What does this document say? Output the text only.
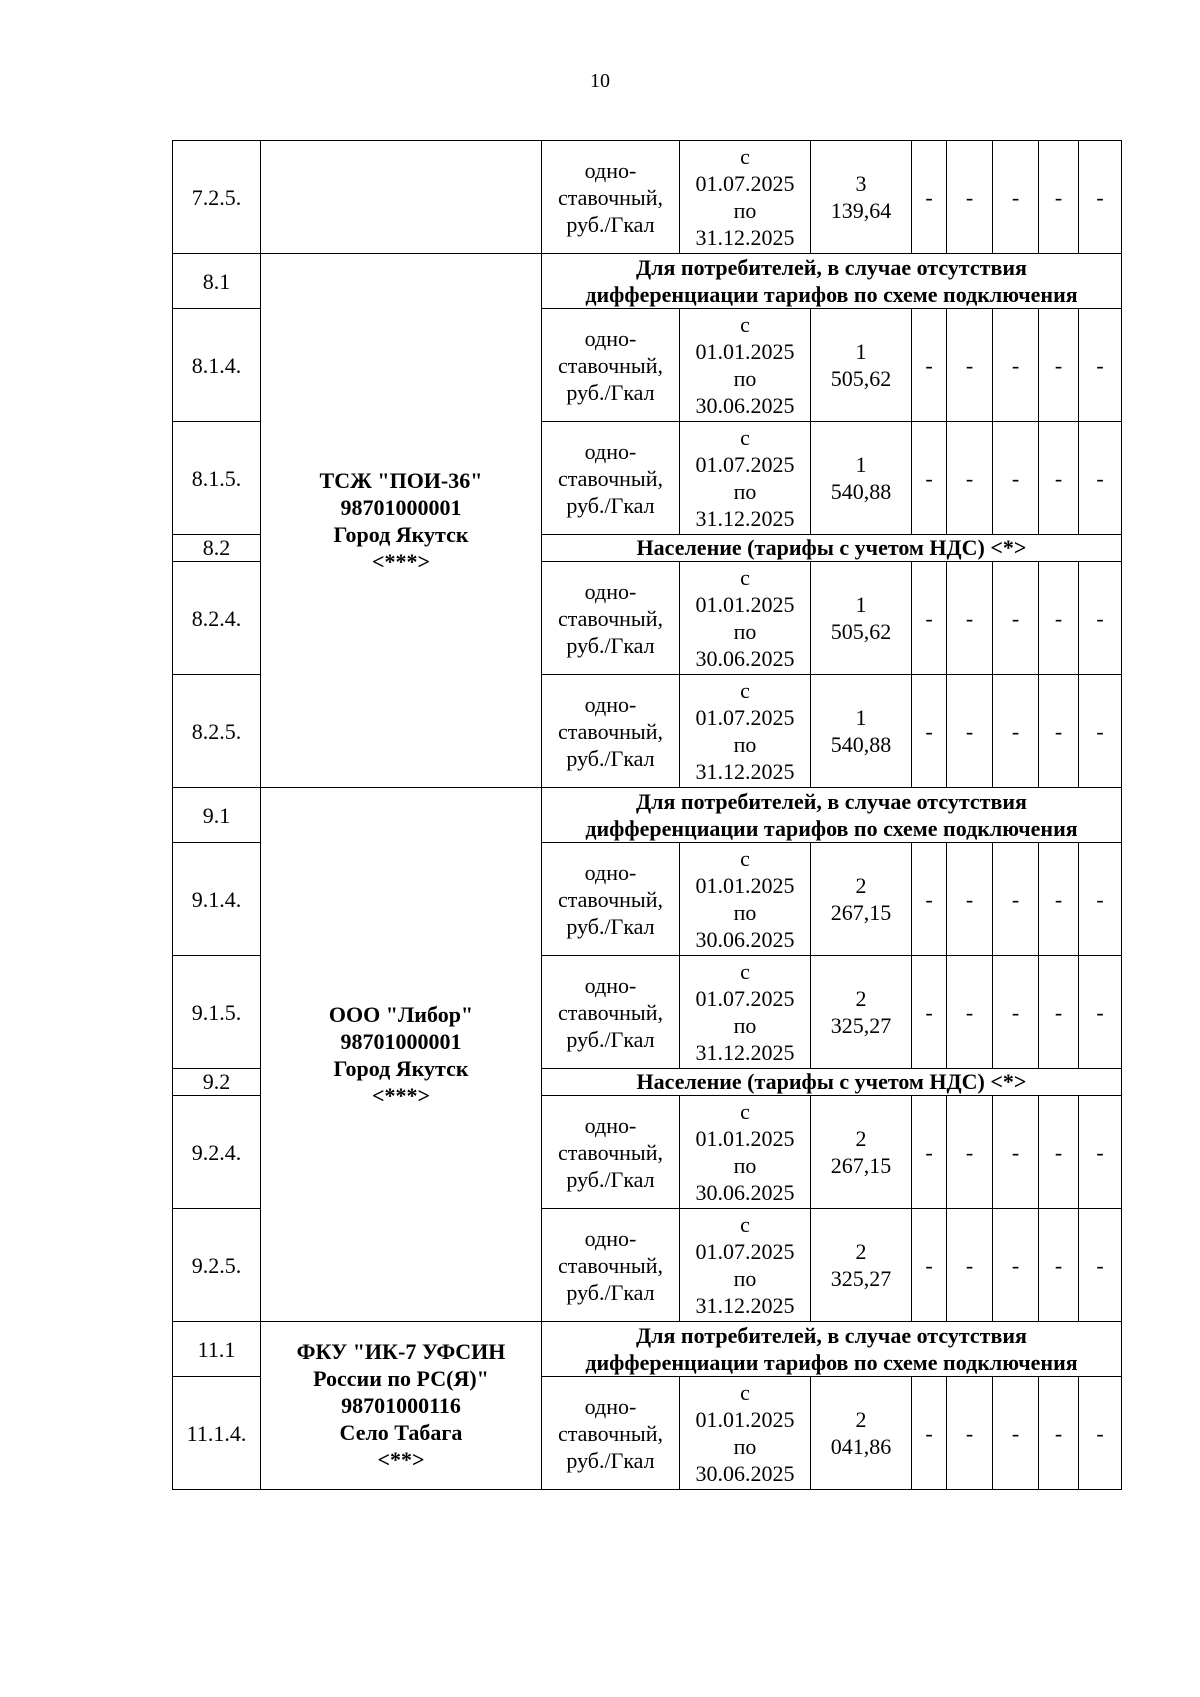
10
7.2.5.		одно-
ставочный,
руб./Гкал	с
01.07.2025
по
31.12.2025	3
139,64	-	-	-	-	-
8.1	ТСЖ "ПОИ-36"
98701000001
Город Якутск
<***>	Для потребителей, в случае отсутствия
дифференциации тарифов по схеме подключения							
8.1.4.		одно-
ставочный,
руб./Гкал	с
01.01.2025
по
30.06.2025	1
505,62	-	-	-	-	-
8.1.5.		одно-
ставочный,
руб./Гкал	с
01.07.2025
по
31.12.2025	1
540,88	-	-	-	-	-
8.2		Население (тарифы с учетом НДС) <*>							
8.2.4.		одно-
ставочный,
руб./Гкал	с
01.01.2025
по
30.06.2025	1
505,62	-	-	-	-	-
8.2.5.		одно-
ставочный,
руб./Гкал	с
01.07.2025
по
31.12.2025	1
540,88	-	-	-	-	-
9.1	ООО "Либор"
98701000001
Город Якутск
<***>	Для потребителей, в случае отсутствия
дифференциации тарифов по схеме подключения							
9.1.4.		одно-
ставочный,
руб./Гкал	с
01.01.2025
по
30.06.2025	2
267,15	-	-	-	-	-
9.1.5.		одно-
ставочный,
руб./Гкал	с
01.07.2025
по
31.12.2025	2
325,27	-	-	-	-	-
9.2		Население (тарифы с учетом НДС) <*>							
9.2.4.		одно-
ставочный,
руб./Гкал	с
01.01.2025
по
30.06.2025	2
267,15	-	-	-	-	-
9.2.5.		одно-
ставочный,
руб./Гкал	с
01.07.2025
по
31.12.2025	2
325,27	-	-	-	-	-
11.1	ФКУ "ИК-7 УФСИН
России по РС(Я)"
98701000116
Село Табага
<**>	Для потребителей, в случае отсутствия
дифференциации тарифов по схеме подключения							
11.1.4.		одно-
ставочный,
руб./Гкал	с
01.01.2025
по
30.06.2025	2
041,86	-	-	-	-	-
